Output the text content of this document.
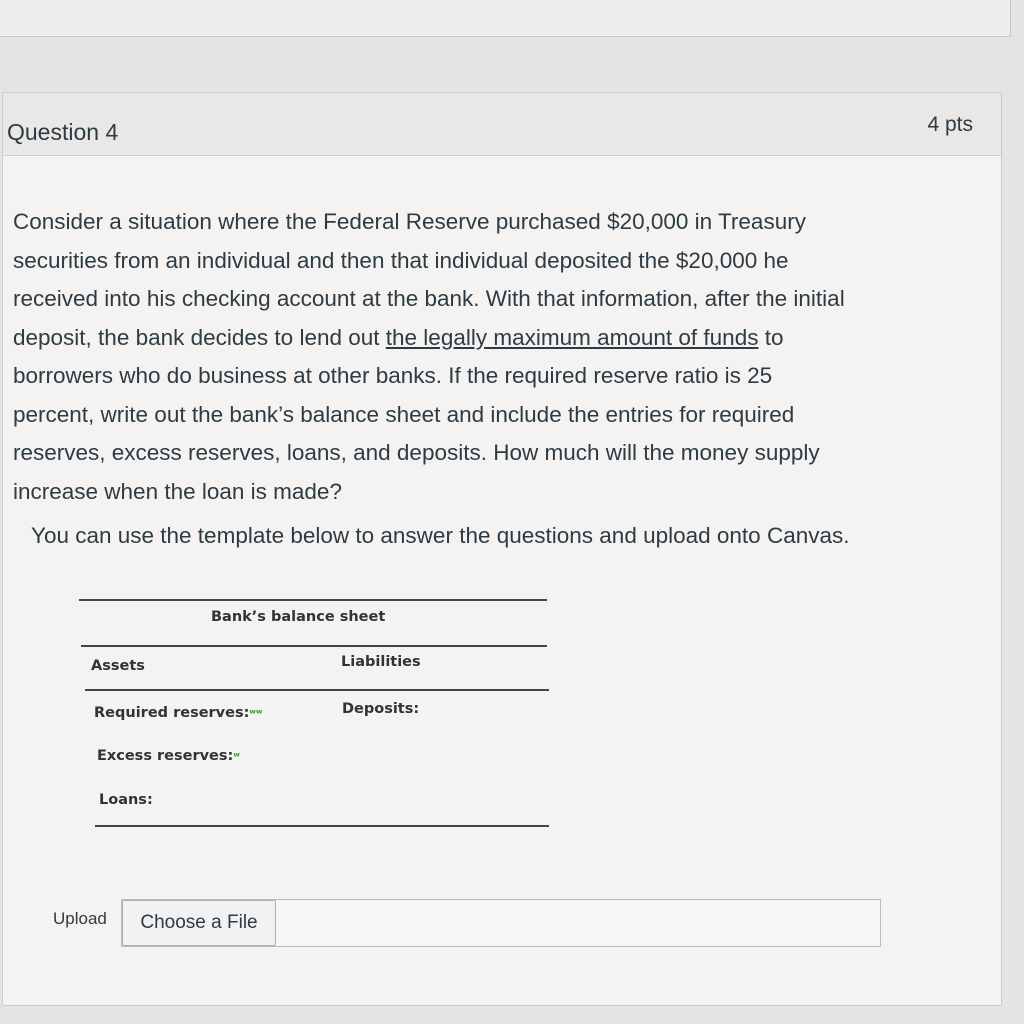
Question 4	4 pts

Consider a situation where the Federal Reserve purchased $20,000 in Treasury

securities from an individual and then that individual deposited the $20,000 he

received into his checking account at the bank. With that information, after the initial

deposit, the bank decides to lend out the legally maximum amount of funds to

borrowers who do business at other banks. If the required reserve ratio is 25

percent, write out the bank’s balance sheet and include the entries for required

reserves, excess reserves, loans, and deposits. How much will the money supply

increase when the loan is made?

You can use the template below to answer the questions and upload onto Canvas.
Bank’s balance sheet
Assets	Liabilities
Required reserves:ʷʷ	Deposits:
Excess reserves:ʷ
Loans:
Upload	Choose a File
